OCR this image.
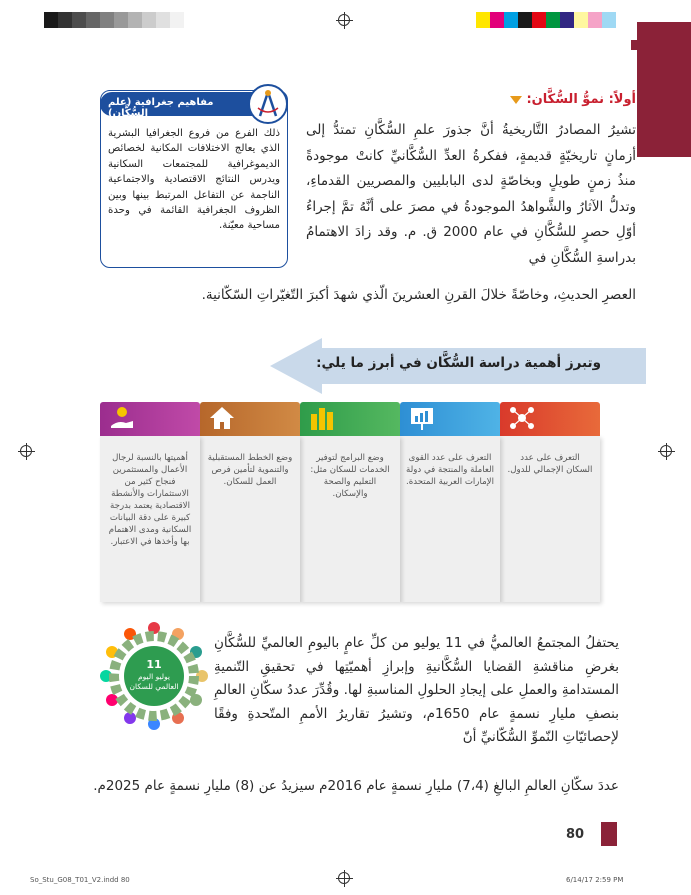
مفاهيم جغرافية (علم السُّكَّان)
ذلك الفرع من فروع الجغرافيا البشرية الذي يعالج الاختلافات المكانية لخصائص الديموغرافية للمجتمعات السكانية ويدرس النتائج الاقتصادية والاجتماعية الناجمة عن التفاعل المرتبط بينها وبين الظروف الجغرافية القائمة في وحدة مساحية معيّنة.
أولاً: نموُّ السُّكَّان:
تشيرُ المصادرُ التَّاريخيةُ أنَّ جذورَ علمِ السُّكَّانِ تمتدُّ إلى أزمانٍ تاريخيّةٍ قديمةٍ، ففكرةُ العدِّ السُّكَّانيِّ كانتْ موجودةً منذُ زمنٍ طويلٍ وبخاصّةٍ لدى البابليين والمصريين القدماءِ، وتدلُّ الآثارُ والشَّواهدُ الموجودةُ في مصرَ على أنَّهُ تمَّ إجراءُ أوّلِ حصرٍ للسُّكَّانِ في عام 2000 ق. م. وقد زادَ الاهتمامُ بدراسةِ السُّكَّانِ في
العصرِ الحديثِ، وخاصّةً خلالَ القرنِ العشرينَ الّذي شهدَ أكبرَ التّغيّراتِ السّكّانية.
وتبرز أهمية دراسة السُّكَّان في أبرز ما يلي:
التعرف على عدد السكان الإجمالي للدول.
التعرف على عدد القوى العاملة والمنتجة في دولة الإمارات العربية المتحدة.
وضع البرامج لتوفير الخدمات للسكان مثل: التعليم والصحة والإسكان.
وضع الخطط المستقبلية والتنموية لتأمين فرص العمل للسكان.
أهميتها بالنسبة لرجال الأعمال والمستثمرين فنجاح كثير من الاستثمارات والأنشطة الاقتصادية يعتمد بدرجة كبيرة على دقة البيانات السكانية ومدى الاهتمام بها وأخذها في الاعتبار.
11
يوليو اليوم
العالمي للسكان
يحتفلُ المجتمعُ العالميُّ في 11 يوليو من كلِّ عامٍ باليومِ العالميِّ للسُّكَّانِ بغرضِ مناقشةِ القضايا السُّكَّانيةِ وإبرازِ أهميّتِها في تحقيقِ التّنميةِ المستدامةِ والعملِ على إيجادِ الحلولِ المناسبةِ لها. وقُدِّرَ عددُ سكّانِ العالمِ بنصفِ مليارِ نسمةٍ عام 1650م، وتشيرُ تقاريرُ الأممِ المتّحدةِ وفقًا لإحصائيّاتِ النّموِّ السُّكّانيِّ أنّ
عددَ سكّانِ العالمِ البالغِ (7،4) مليارِ نسمةٍ عام 2016م سيزيدُ عن (8) مليارِ نسمةٍ عام 2025م.
80
So_Stu_G08_T01_V2.indd 80	6/14/17 2:59 PM
